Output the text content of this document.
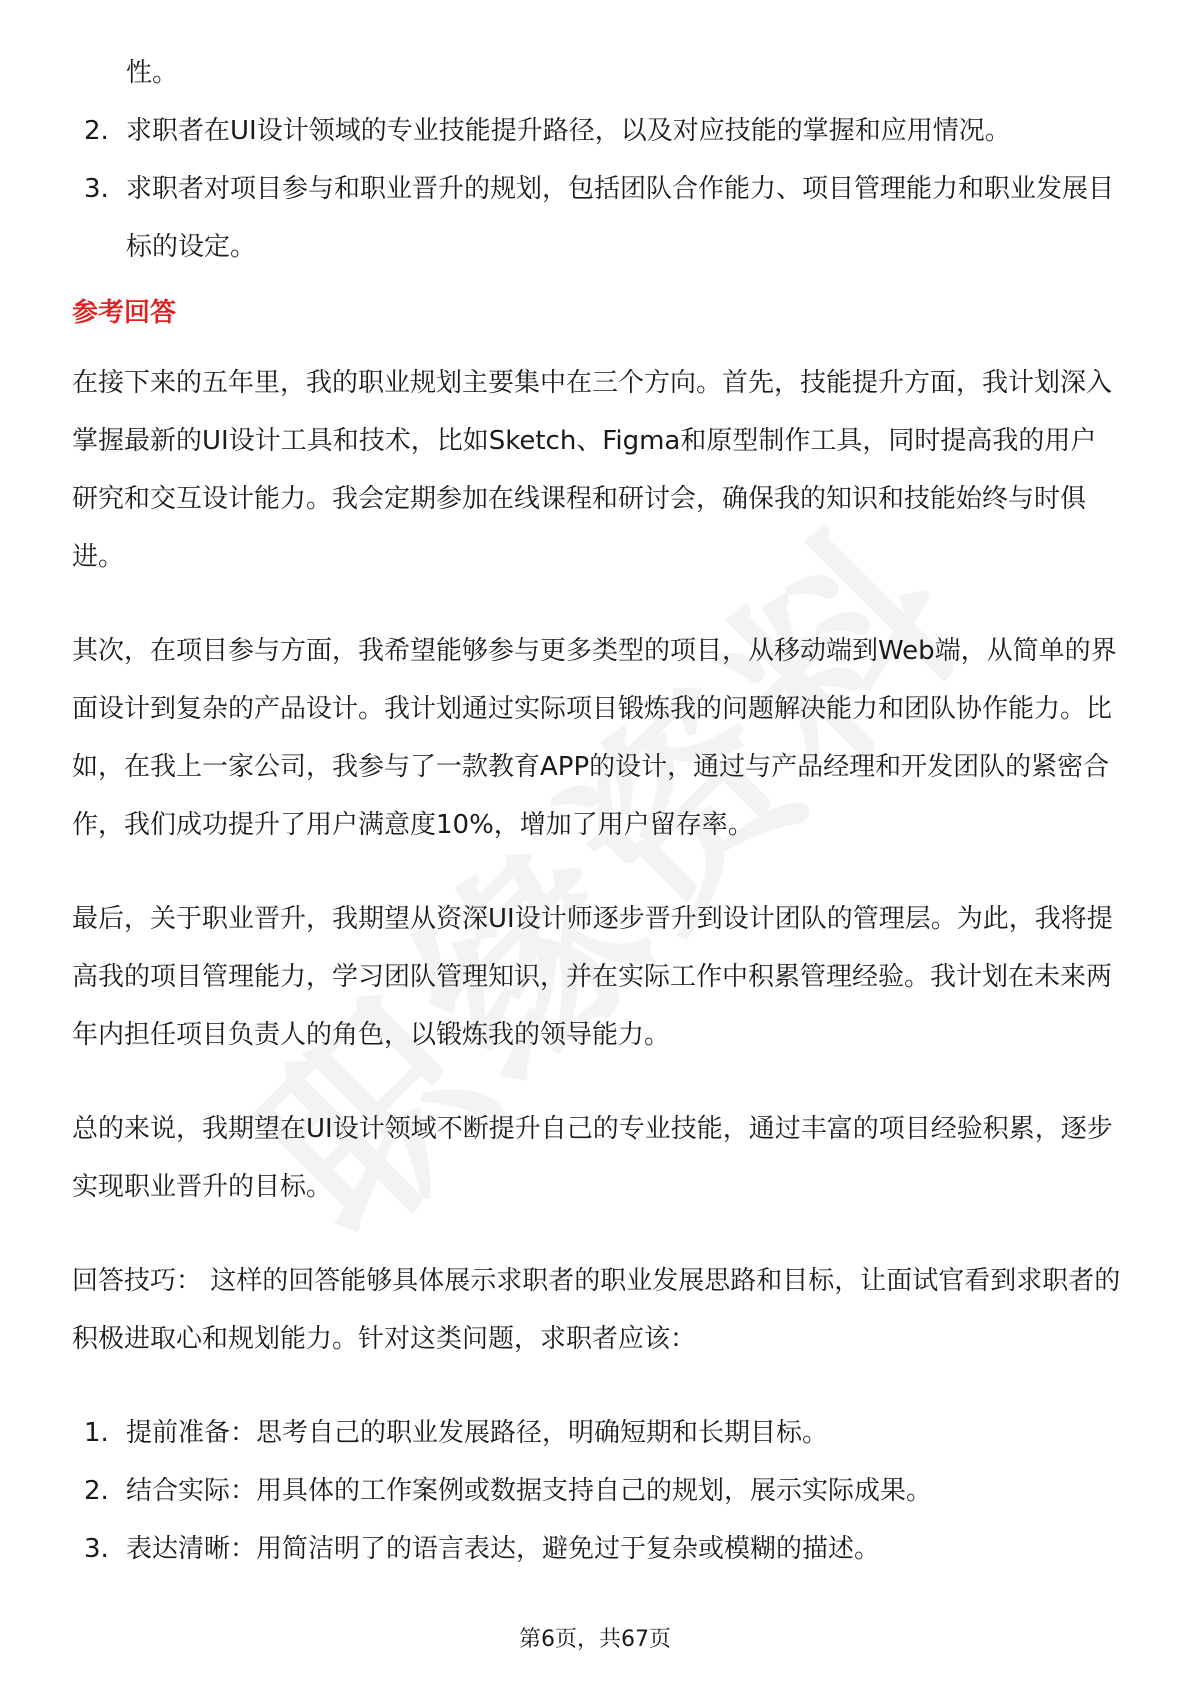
性。

2. 求职者在UI设计领域的专业技能提升路径，以及对应技能的掌握和应用情况。
3. 求职者对项目参与和职业晋升的规划，包括团队合作能力、项目管理能力和职业发展目标的设定。
参考回答

在接下来的五年里，我的职业规划主要集中在三个方向。首先，技能提升方面，我计划深入掌握最新的UI设计工具和技术，比如Sketch、Figma和原型制作工具，同时提高我的用户研究和交互设计能力。我会定期参加在线课程和研讨会，确保我的知识和技能始终与时俱进。

其次，在项目参与方面，我希望能够参与更多类型的项目，从移动端到Web端，从简单的界面设计到复杂的产品设计。我计划通过实际项目锻炼我的问题解决能力和团队协作能力。比如，在我上一家公司，我参与了一款教育APP的设计，通过与产品经理和开发团队的紧密合作，我们成功提升了用户满意度10%，增加了用户留存率。

最后，关于职业晋升，我期望从资深UI设计师逐步晋升到设计团队的管理层。为此，我将提高我的项目管理能力，学习团队管理知识，并在实际工作中积累管理经验。我计划在未来两年内担任项目负责人的角色，以锻炼我的领导能力。

总的来说，我期望在UI设计领域不断提升自己的专业技能，通过丰富的项目经验积累，逐步实现职业晋升的目标。

回答技巧： 这样的回答能够具体展示求职者的职业发展思路和目标，让面试官看到求职者的积极进取心和规划能力。针对这类问题，求职者应该：

1. 提前准备：思考自己的职业发展路径，明确短期和长期目标。
2. 结合实际：用具体的工作案例或数据支持自己的规划，展示实际成果。
3. 表达清晰：用简洁明了的语言表达，避免过于复杂或模糊的描述。
第6页，共67页
